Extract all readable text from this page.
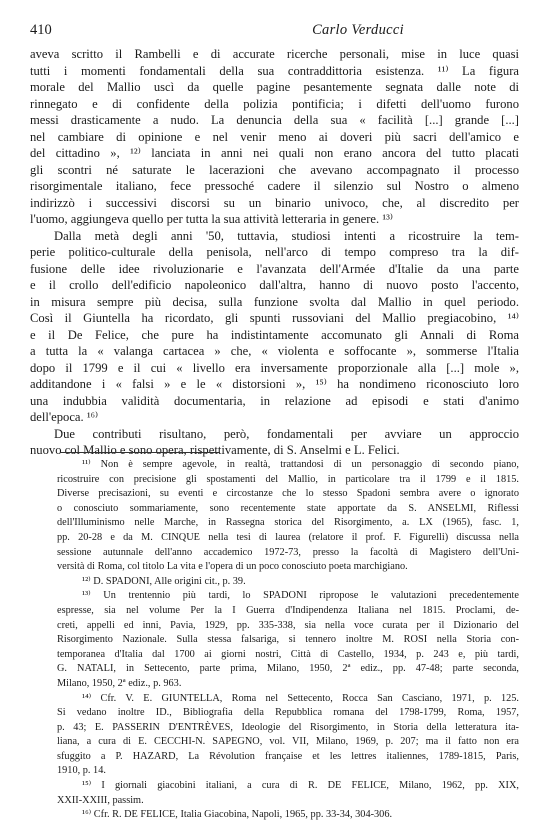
410	Carlo Verducci
aveva scritto il Rambelli e di accurate ricerche personali, mise in luce quasi
tutti i momenti fondamentali della sua contraddittoria esistenza. ¹¹⁾ La figura
morale del Mallio uscì da quelle pagine pesantemente segnata dalle note di
rinnegato e di confidente della polizia pontificia; i difetti dell'uomo furono
messi drasticamente a nudo. La denuncia della sua « facilità [...] grande [...]
nel cambiare di opinione e nel venir meno ai doveri più sacri dell'amico e
del cittadino », ¹²⁾ lanciata in anni nei quali non erano ancora del tutto placati
gli scontri né saturate le lacerazioni che avevano accompagnato il processo
risorgimentale italiano, fece pressoché cadere il silenzio sul Nostro o almeno
indirizzò i successivi discorsi su un binario univoco, che, al discredito per
l'uomo, aggiungeva quello per tutta la sua attività letteraria in genere. ¹³⁾
Dalla metà degli anni '50, tuttavia, studiosi intenti a ricostruire la tem-
perie politico-culturale della penisola, nell'arco di tempo compreso tra la dif-
fusione delle idee rivoluzionarie e l'avanzata dell'Armée d'Italie da una parte
e il crollo dell'edificio napoleonico dall'altra, hanno di nuovo posto l'accento,
in misura sempre più decisa, sulla funzione svolta dal Mallio in quel periodo.
Così il Giuntella ha ricordato, gli spunti russoviani del Mallio pregiacobino, ¹⁴⁾
e il De Felice, che pure ha indistintamente accomunato gli Annali di Roma
a tutta la « valanga cartacea » che, « violenta e soffocante », sommerse l'Italia
dopo il 1799 e il cui « livello era inversamente proporzionale alla [...] mole »,
additandone i « falsi » e le « distorsioni », ¹⁵⁾ ha nondimeno riconosciuto loro
una indubbia validità documentaria, in relazione ad episodi e stati d'animo
dell'epoca. ¹⁶⁾
Due contributi risultano, però, fondamentali per avviare un approccio
nuovo col Mallio e sono opera, rispettivamente, di S. Anselmi e L. Felici.
¹¹⁾ Non è sempre agevole, in realtà, trattandosi di un personaggio di secondo piano,
ricostruire con precisione gli spostamenti del Mallio, in particolare tra il 1799 e il 1815.
Diverse precisazioni, su eventi e circostanze che lo stesso Spadoni sembra avere o ignorato
o conosciuto sommariamente, sono recentemente state apportate da S. ANSELMI, Riflessi
dell'Illuminismo nelle Marche, in Rassegna storica del Risorgimento, a. LX (1965), fasc. 1,
pp. 20-28 e da M. CINQUE nella tesi di laurea (relatore il prof. F. Figurelli) discussa nella
sessione autunnale dell'anno accademico 1972-73, presso la facoltà di Magistero dell'Uni-
versità di Roma, col titolo La vita e l'opera di un poco conosciuto poeta marchigiano.
¹²⁾ D. SPADONI, Alle origini cit., p. 39.
¹³⁾ Un trentennio più tardi, lo SPADONI ripropose le valutazioni precedentemente
espresse, sia nel volume Per la I Guerra d'Indipendenza Italiana nel 1815. Proclami, de-
creti, appelli ed inni, Pavia, 1929, pp. 335-338, sia nella voce curata per il Dizionario del
Risorgimento Nazionale. Sulla stessa falsariga, si tennero inoltre M. ROSI nella Storia con-
temporanea d'Italia dal 1700 ai giorni nostri, Città di Castello, 1934, p. 243 e, più tardi,
G. NATALI, in Settecento, parte prima, Milano, 1950, 2ª ediz., pp. 47-48; parte seconda,
Milano, 1950, 2ª ediz., p. 963.
¹⁴⁾ Cfr. V. E. GIUNTELLA, Roma nel Settecento, Rocca San Casciano, 1971, p. 125.
Si vedano inoltre ID., Bibliografia della Repubblica romana del 1798-1799, Roma, 1957,
p. 43; E. PASSERIN D'ENTRÈVES, Ideologie del Risorgimento, in Storia della letteratura ita-
liana, a cura di E. CECCHI-N. SAPEGNO, vol. VII, Milano, 1969, p. 207; ma il fatto non era
sfuggito a P. HAZARD, La Révolution française et les lettres italiennes, 1789-1815, Paris,
1910, p. 14.
¹⁵⁾ I giornali giacobini italiani, a cura di R. DE FELICE, Milano, 1962, pp. XIX,
XXII-XXIII, passim.
¹⁶⁾ Cfr. R. DE FELICE, Italia Giacobina, Napoli, 1965, pp. 33-34, 304-306.
